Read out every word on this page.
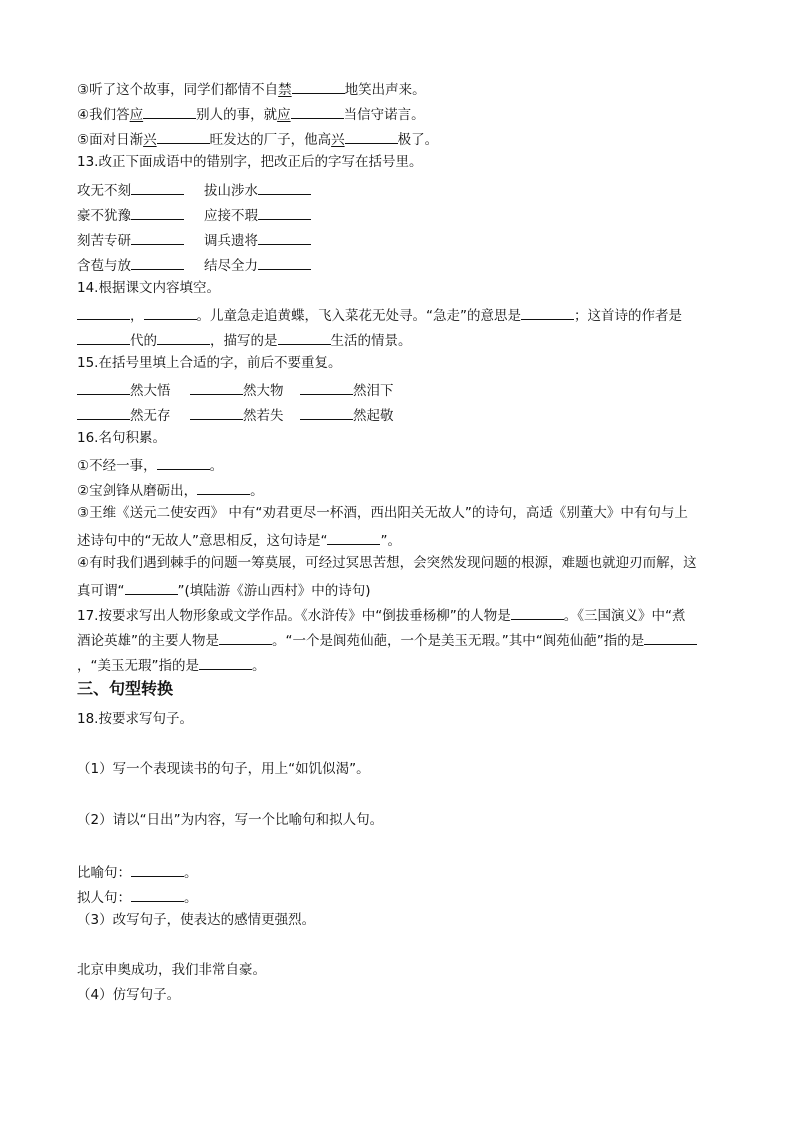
③听了这个故事，同学们都情不自禁	地笑出声来。
④我们答应	别人的事，就应	当信守诺言。
⑤面对日渐兴	旺发达的厂子，他高兴	极了。
13.改正下面成语中的错别字，把改正后的字写在括号里。
攻无不刻	拔山涉水
豪不犹豫	应接不瑕
刻苦专研	调兵遗将
含苞与放	结尽全力
14.根据课文内容填空。
，	。儿童急走追黄蝶，飞入菜花无处寻。“急走”的意思是	；这首诗的作者是
代的	，描写的是	生活的情景。
15.在括号里填上合适的字，前后不要重复。
然大悟	然大物	然泪下
然无存	然若失	然起敬
16.名句积累。
①不经一事，	。
②宝剑锋从磨砺出，	。
③王维《送元二使安西》 中有“劝君更尽一杯酒，西出阳关无故人”的诗句，高适《别董大》中有句与上
述诗句中的“无故人”意思相反，这句诗是“	”。
④有时我们遇到棘手的问题一筹莫展，可经过冥思苦想，会突然发现问题的根源，难题也就迎刃而解，这
真可谓“	”(填陆游《游山西村》中的诗句)
17.按要求写出人物形象或文学作品。《水浒传》中“倒拔垂杨柳”的人物是	。《三国演义》中“煮
酒论英雄”的主要人物是	。“一个是阆苑仙葩，一个是美玉无瑕。”其中“阆苑仙葩”指的是
，“美玉无瑕”指的是	。
三、句型转换
18.按要求写句子。
（1）写一个表现读书的句子，用上“如饥似渴”。
（2）请以“日出”为内容，写一个比喻句和拟人句。
比喻句：	。
拟人句：	。
（3）改写句子，使表达的感情更强烈。
北京申奥成功，我们非常自豪。
（4）仿写句子。
